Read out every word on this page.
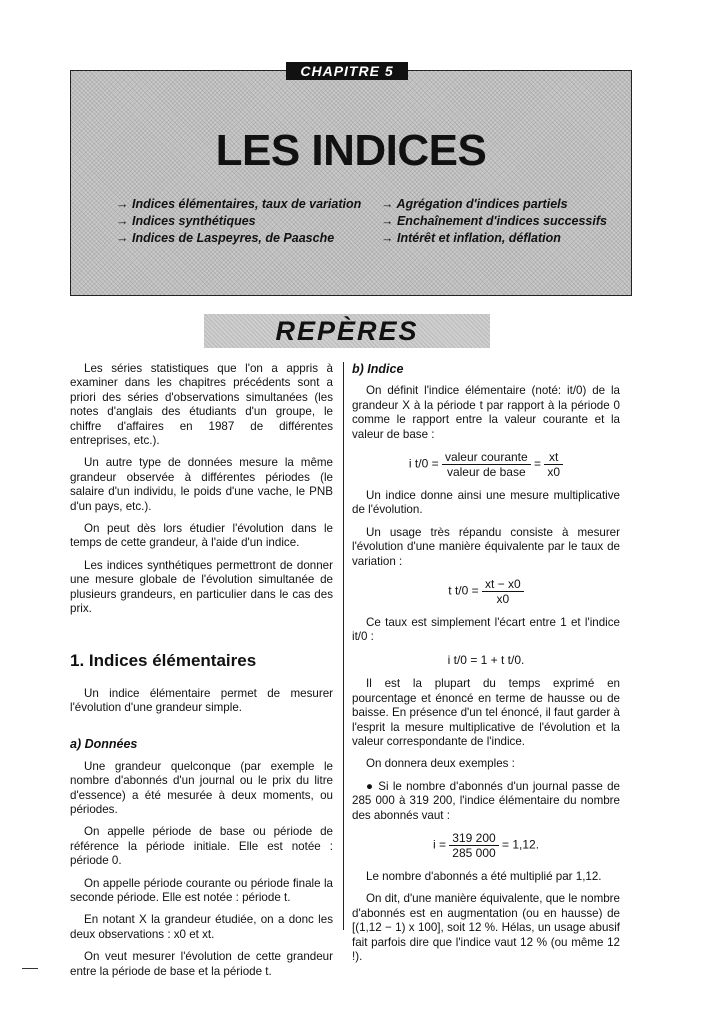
CHAPITRE 5
LES INDICES
→ Indices élémentaires, taux de variation
→ Indices synthétiques
→ Indices de Laspeyres, de Paasche
→ Agrégation d'indices partiels
→ Enchaînement d'indices successifs
→ Intérêt et inflation, déflation
REPÈRES

Les séries statistiques que l'on a appris à examiner dans les chapitres précédents sont a priori des séries d'observations simultanées (les notes d'anglais des étudiants d'un groupe, le chiffre d'affaires en 1987 de différentes entreprises, etc.).

Un autre type de données mesure la même grandeur observée à différentes périodes (le salaire d'un individu, le poids d'une vache, le PNB d'un pays, etc.).

On peut dès lors étudier l'évolution dans le temps de cette grandeur, à l'aide d'un indice.

Les indices synthétiques permettront de donner une mesure globale de l'évolution simultanée de plusieurs grandeurs, en particulier dans le cas des prix.

1. Indices élémentaires

Un indice élémentaire permet de mesurer l'évolution d'une grandeur simple.

a) Données

Une grandeur quelconque (par exemple le nombre d'abonnés d'un journal ou le prix du litre d'essence) a été mesurée à deux moments, ou périodes.

On appelle période de base ou période de référence la période initiale. Elle est notée : période 0.

On appelle période courante ou période finale la seconde période. Elle est notée : période t.

En notant X la grandeur étudiée, on a donc les deux observations : x0 et xt.

On veut mesurer l'évolution de cette grandeur entre la période de base et la période t.

b) Indice

On définit l'indice élémentaire (noté: it/0) de la grandeur X à la période t par rapport à la période 0 comme le rapport entre la valeur courante et la valeur de base :

i $t/0 = \frac{\text{valeur courante}}{\text{valeur de base}} = \frac{xt}{x0}$

Un indice donne ainsi une mesure multiplicative de l'évolution.

Un usage très répandu consiste à mesurer l'évolution d'une manière équivalente par le taux de variation :

t $t/0 = \frac{xt - x0}{x0}$

Ce taux est simplement l'écart entre 1 et l'indice it/0 :

i t/0 = 1 + t t/0.

Il est la plupart du temps exprimé en pourcentage et énoncé en terme de hausse ou de baisse. En présence d'un tel énoncé, il faut garder à l'esprit la mesure multiplicative de l'évolution et la valeur correspondante de l'indice.

On donnera deux exemples :

● Si le nombre d'abonnés d'un journal passe de 285 000 à 319 200, l'indice élémentaire du nombre des abonnés vaut :

$i = \frac{319 200}{285 000} = 1,12$.

Le nombre d'abonnés a été multiplié par 1,12.

On dit, d'une manière équivalente, que le nombre d'abonnés est en augmentation (ou en hausse) de [(1,12 − 1) x 100], soit 12 %. Hélas, un usage abusif fait parfois dire que l'indice vaut 12 % (ou même 12 !).
